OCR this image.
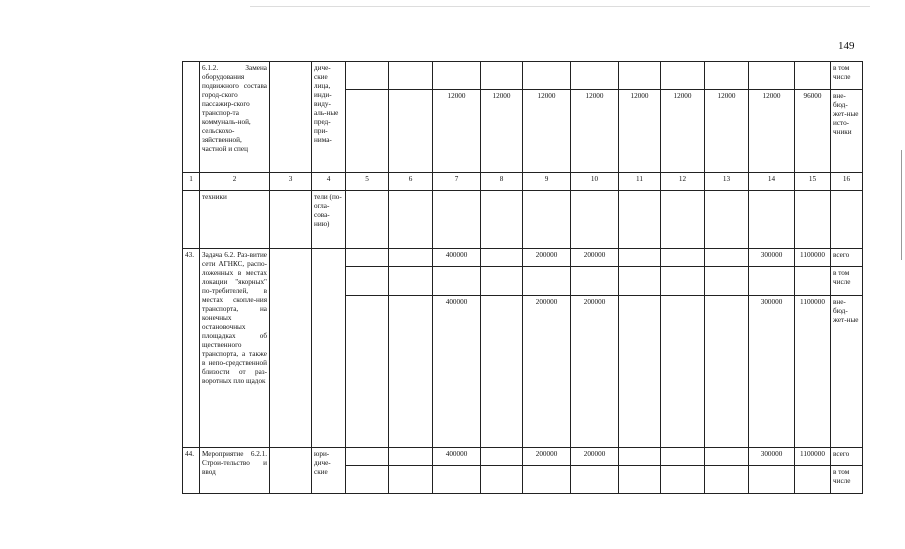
149
	6.1.2. Замена оборудования подвижного состава город-ского пассажир-ского транспор-та коммуналь-ной, сельскохо-зяйственной, частной и спец		диче-ские лица, инди-виду-аль-ные пред-при-нима-												в том числе
						12000	12000	12000	12000	12000	12000	12000	12000	96000	вне-бюд-жет-ные исто-чники
1	2	3	4	5	6	7	8	9	10	11	12	13	14	15	16
	техники		тели (по-огла-сова-нию)												
43.	Задача 6.2. Раз-витие сети АГНКС, распо-ложенных в местах локации "якорных" по-требителей, в местах скопле-ния транспорта, на конечных остановочных площадках об щественного транспорта, а также в непо-средственной близости от раз-воротных пло щадок					400000		200000	200000				300000	1100000	всего
															в том числе
						400000		200000	200000				300000	1100000	вне-бюд-жет-ные
44.	Мероприятие 6.2.1. Строи-тельство и ввод		юри-диче-ские			400000		200000	200000				300000	1100000	всего
															в том числе
